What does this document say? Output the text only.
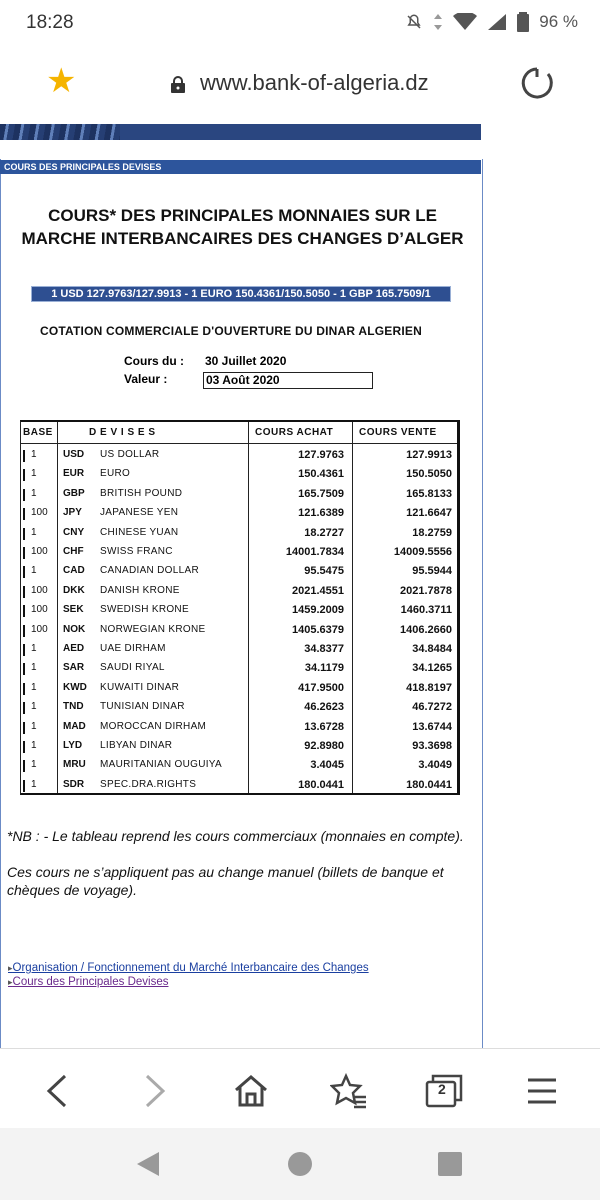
18:28	96 %
★	www.bank-of-algeria.dz
COURS DES PRINCIPALES DEVISES
COURS* DES PRINCIPALES MONNAIES SUR LE MARCHE INTERBANCAIRES DES CHANGES D’ALGER
1 USD 127.9763/127.9913 - 1 EURO 150.4361/150.5050 - 1 GBP 165.7509/1
COTATION COMMERCIALE D'OUVERTURE DU DINAR ALGERIEN
Cours du : 30 Juillet 2020
Valeur :	03 Août 2020
BASE	D E V I S E S	COURS ACHAT	COURS VENTE
1	USD US DOLLAR	127.9763	127.9913
1	EUR EURO	150.4361	150.5050
1	GBP BRITISH POUND	165.7509	165.8133
100	JPY JAPANESE YEN	121.6389	121.6647
1	CNY CHINESE YUAN	18.2727	18.2759
100	CHF SWISS FRANC	14001.7834	14009.5556
1	CAD CANADIAN DOLLAR	95.5475	95.5944
100	DKK DANISH KRONE	2021.4551	2021.7878
100	SEK SWEDISH KRONE	1459.2009	1460.3711
100	NOK NORWEGIAN KRONE	1405.6379	1406.2660
1	AED UAE DIRHAM	34.8377	34.8484
1	SAR SAUDI RIYAL	34.1179	34.1265
1	KWD KUWAITI DINAR	417.9500	418.8197
1	TND TUNISIAN DINAR	46.2623	46.7272
1	MAD MOROCCAN DIRHAM	13.6728	13.6744
1	LYD LIBYAN DINAR	92.8980	93.3698
1	MRU MAURITANIAN OUGUIYA	3.4045	3.4049
1	SDR SPEC.DRA.RIGHTS	180.0441	180.0441
*NB : - Le tableau reprend les cours commerciaux (monnaies en compte).
Ces cours ne s’appliquent pas au change manuel (billets de banque et chèques de voyage).
▸Organisation / Fonctionnement du Marché Interbancaire des Changes
▸Cours des Principales Devises
2
